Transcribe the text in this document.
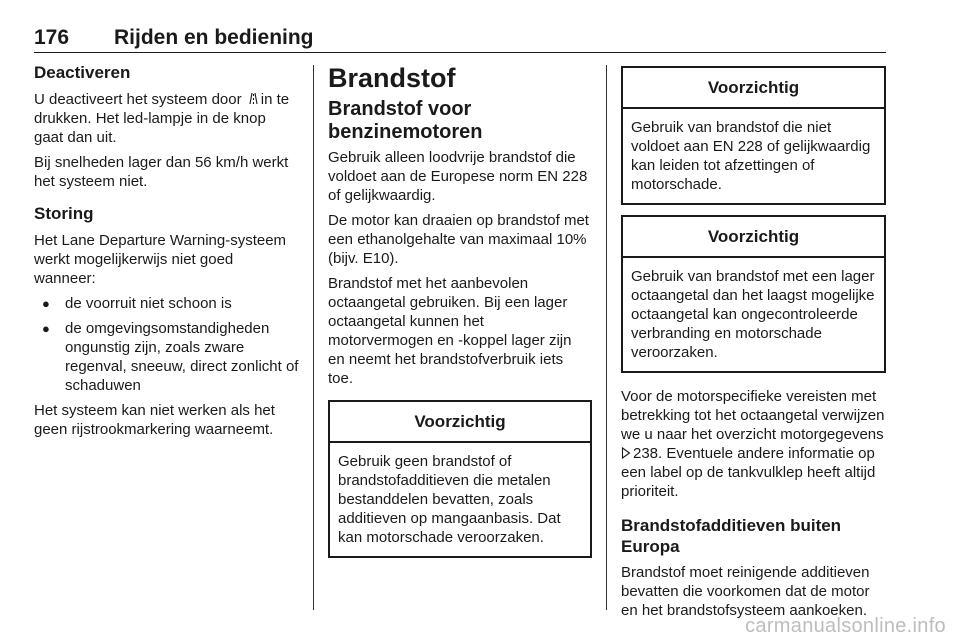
176 Rijden en bediening
Deactiveren

U deactiveert het systeem door in te drukken. Het led-lampje in de knop gaat dan uit.

Bij snelheden lager dan 56 km/h werkt het systeem niet.

Storing

Het Lane Departure Warning-systeem werkt mogelijkerwijs niet goed wanneer:

● de voorruit niet schoon is
● de omgevingsomstandigheden ongunstig zijn, zoals zware regenval, sneeuw, direct zonlicht of schaduwen

Het systeem kan niet werken als het geen rijstrookmarkering waarneemt.

Brandstof
Brandstof voor benzinemotoren

Gebruik alleen loodvrije brandstof die voldoet aan de Europese norm EN 228 of gelijkwaardig.

De motor kan draaien op brandstof met een ethanolgehalte van maximaal 10% (bijv. E10).

Brandstof met het aanbevolen octaangetal gebruiken. Bij een lager octaangetal kunnen het motorvermogen en -koppel lager zijn en neemt het brandstofverbruik iets toe.

Voorzichtig
Gebruik geen brandstof of brandstofadditieven die metalen bestanddelen bevatten, zoals additieven op mangaanbasis. Dat kan motorschade veroorzaken.
Voorzichtig
Gebruik van brandstof die niet voldoet aan EN 228 of gelijkwaardig kan leiden tot afzettingen of motorschade.
Voorzichtig
Gebruik van brandstof met een lager octaangetal dan het laagst mogelijke octaangetal kan ongecontroleerde verbranding en motorschade veroorzaken.

Voor de motorspecifieke vereisten met betrekking tot het octaangetal verwijzen we u naar het overzicht motorgegevens 238. Eventuele andere informatie op een label op de tankvulklep heeft altijd prioriteit.

Brandstofadditieven buiten Europa

Brandstof moet reinigende additieven bevatten die voorkomen dat de motor en het brandstofsysteem aankoeken.

carmanualsonline.info
